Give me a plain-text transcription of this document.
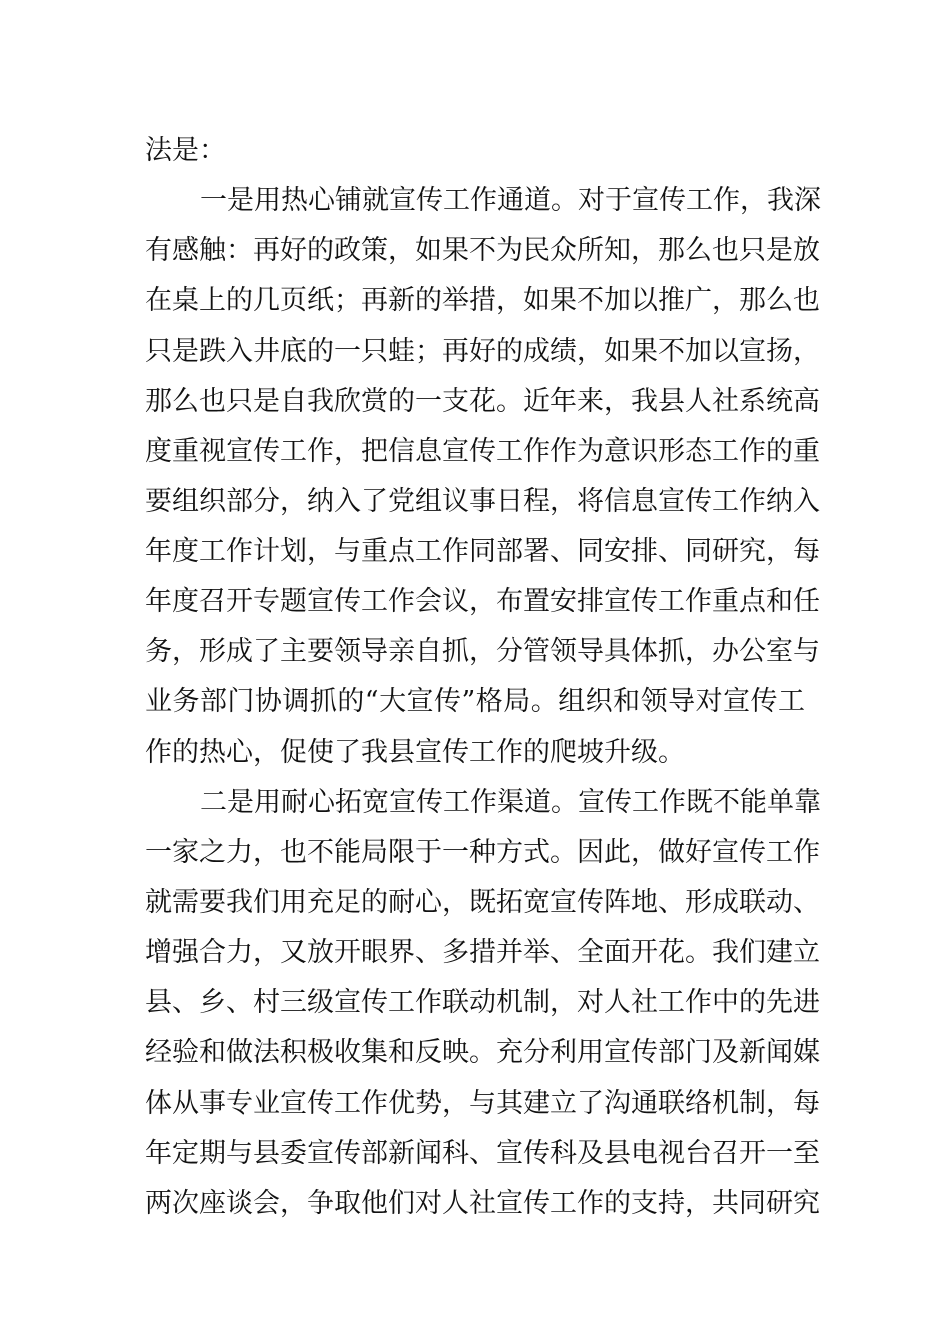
法是：
一是用热心铺就宣传工作通道。对于宣传工作，我深
有感触：再好的政策，如果不为民众所知，那么也只是放
在桌上的几页纸；再新的举措，如果不加以推广，那么也
只是跌入井底的一只蛙；再好的成绩，如果不加以宣扬，
那么也只是自我欣赏的一支花。近年来，我县人社系统高
度重视宣传工作，把信息宣传工作作为意识形态工作的重
要组织部分，纳入了党组议事日程，将信息宣传工作纳入
年度工作计划，与重点工作同部署、同安排、同研究，每
年度召开专题宣传工作会议，布置安排宣传工作重点和任
务，形成了主要领导亲自抓，分管领导具体抓，办公室与
业务部门协调抓的“大宣传”格局。组织和领导对宣传工
作的热心，促使了我县宣传工作的爬坡升级。
二是用耐心拓宽宣传工作渠道。宣传工作既不能单靠
一家之力，也不能局限于一种方式。因此，做好宣传工作
就需要我们用充足的耐心，既拓宽宣传阵地、形成联动、
增强合力，又放开眼界、多措并举、全面开花。我们建立
县、乡、村三级宣传工作联动机制，对人社工作中的先进
经验和做法积极收集和反映。充分利用宣传部门及新闻媒
体从事专业宣传工作优势，与其建立了沟通联络机制，每
年定期与县委宣传部新闻科、宣传科及县电视台召开一至
两次座谈会，争取他们对人社宣传工作的支持，共同研究
